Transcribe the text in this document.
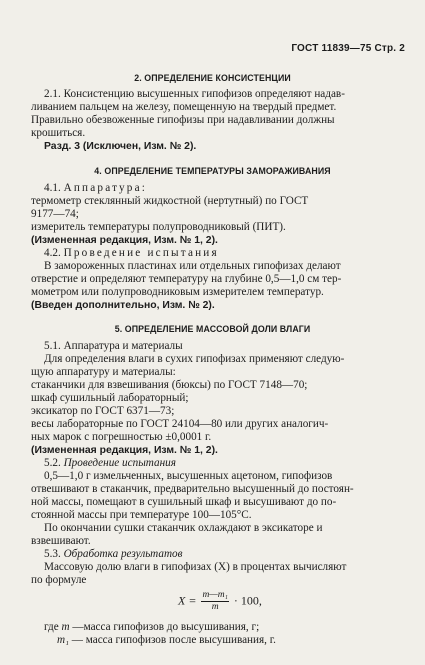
ГОСТ 11839—75 Стр. 2
2. ОПРЕДЕЛЕНИЕ КОНСИСТЕНЦИИ
2.1. Консистенцию высушенных гипофизов определяют надав-
ливанием пальцем на железу, помещенную на твердый предмет.
Правильно обезвоженные гипофизы при надавливании должны
крошиться.
Разд. 3 (Исключен, Изм. № 2).
4. ОПРЕДЕЛЕНИЕ ТЕМПЕРАТУРЫ ЗАМОРАЖИВАНИЯ
4.1. Аппаратура:
термометр стеклянный жидкостной (нертутный) по ГОСТ
9177—74;
измеритель температуры полупроводниковый (ПИТ).
(Измененная редакция, Изм. № 1, 2).
4.2. Проведение испытания
В замороженных пластинах или отдельных гипофизах делают
отверстие и определяют температуру на глубине 0,5—1,0 см тер-
мометром или полупроводниковым измерителем температур.
(Введен дополнительно, Изм. № 2).
5. ОПРЕДЕЛЕНИЕ МАССОВОЙ ДОЛИ ВЛАГИ
5.1. Аппаратура и материалы
Для определения влаги в сухих гипофизах применяют следую-
щую аппаратуру и материалы:
стаканчики для взвешивания (бюксы) по ГОСТ 7148—70;
шкаф сушильный лабораторный;
эксикатор по ГОСТ 6371—73;
весы лабораторные по ГОСТ 24104—80 или других аналогич-
ных марок с погрешностью ±0,0001 г.
(Измененная редакция, Изм. № 1, 2).
5.2. Проведение испытания
0,5—1,0 г измельченных, высушенных ацетоном, гипофизов
отвешивают в стаканчик, предварительно высушенный до постоян-
ной массы, помещают в сушильный шкаф и высушивают до по-
стоянной массы при температуре 100—105°С.
По окончании сушки стаканчик охлаждают в эксикаторе и
взвешивают.
5.3. Обработка результатов
Массовую долю влаги в гипофизах (X) в процентах вычисляют
по формуле
$X = \frac{\text{m—m₁}}{m} \cdot 100$,
где m —масса гипофизов до высушивания, г;
m₁ — масса гипофизов после высушивания, г.
